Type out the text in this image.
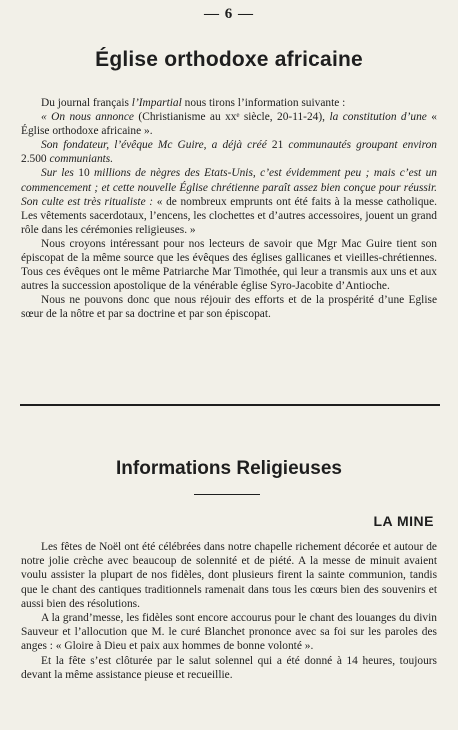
— 6 —
Église orthodoxe africaine

Du journal français l’Impartial nous tirons l’information suivante :

« On nous annonce (Christianisme au xxᵉ siècle, 20-11-24), la constitution d’une « Église orthodoxe africaine ».

Son fondateur, l’évêque Mc Guire, a déjà créé 21 communautés groupant environ 2.500 communiants.

Sur les 10 millions de nègres des Etats-Unis, c’est évidemment peu ; mais c’est un commencement ; et cette nouvelle Église chrétienne paraît assez bien conçue pour réussir. Son culte est très ritualiste : « de nombreux emprunts ont été faits à la messe catholique. Les vêtements sacerdotaux, l’encens, les clochettes et d’autres accessoires, jouent un grand rôle dans les cérémonies religieuses. »

Nous croyons intéressant pour nos lecteurs de savoir que Mgr Mac Guire tient son épiscopat de la même source que les évêques des églises gallicanes et vieilles-chrétiennes. Tous ces évêques ont le même Patriarche Mar Timothée, qui leur a transmis aux uns et aux autres la succession apostolique de la vénérable église Syro-Jacobite d’Antioche.

Nous ne pouvons donc que nous réjouir des efforts et de la prospérité d’une Eglise sœur de la nôtre et par sa doctrine et par son épiscopat.

Informations Religieuses
LA MINE

Les fêtes de Noël ont été célébrées dans notre chapelle richement décorée et autour de notre jolie crèche avec beaucoup de solennité et de piété. A la messe de minuit avaient voulu assister la plupart de nos fidèles, dont plusieurs firent la sainte communion, tandis que le chant des cantiques traditionnels ramenait dans tous les cœurs bien des souvenirs et aussi bien des résolutions.

A la grand’messe, les fidèles sont encore accourus pour le chant des louanges du divin Sauveur et l’allocution que M. le curé Blanchet prononce avec sa foi sur les paroles des anges : « Gloire à Dieu et paix aux hommes de bonne volonté ».

Et la fête s’est clôturée par le salut solennel qui a été donné à 14 heures, toujours devant la même assistance pieuse et recueillie.
